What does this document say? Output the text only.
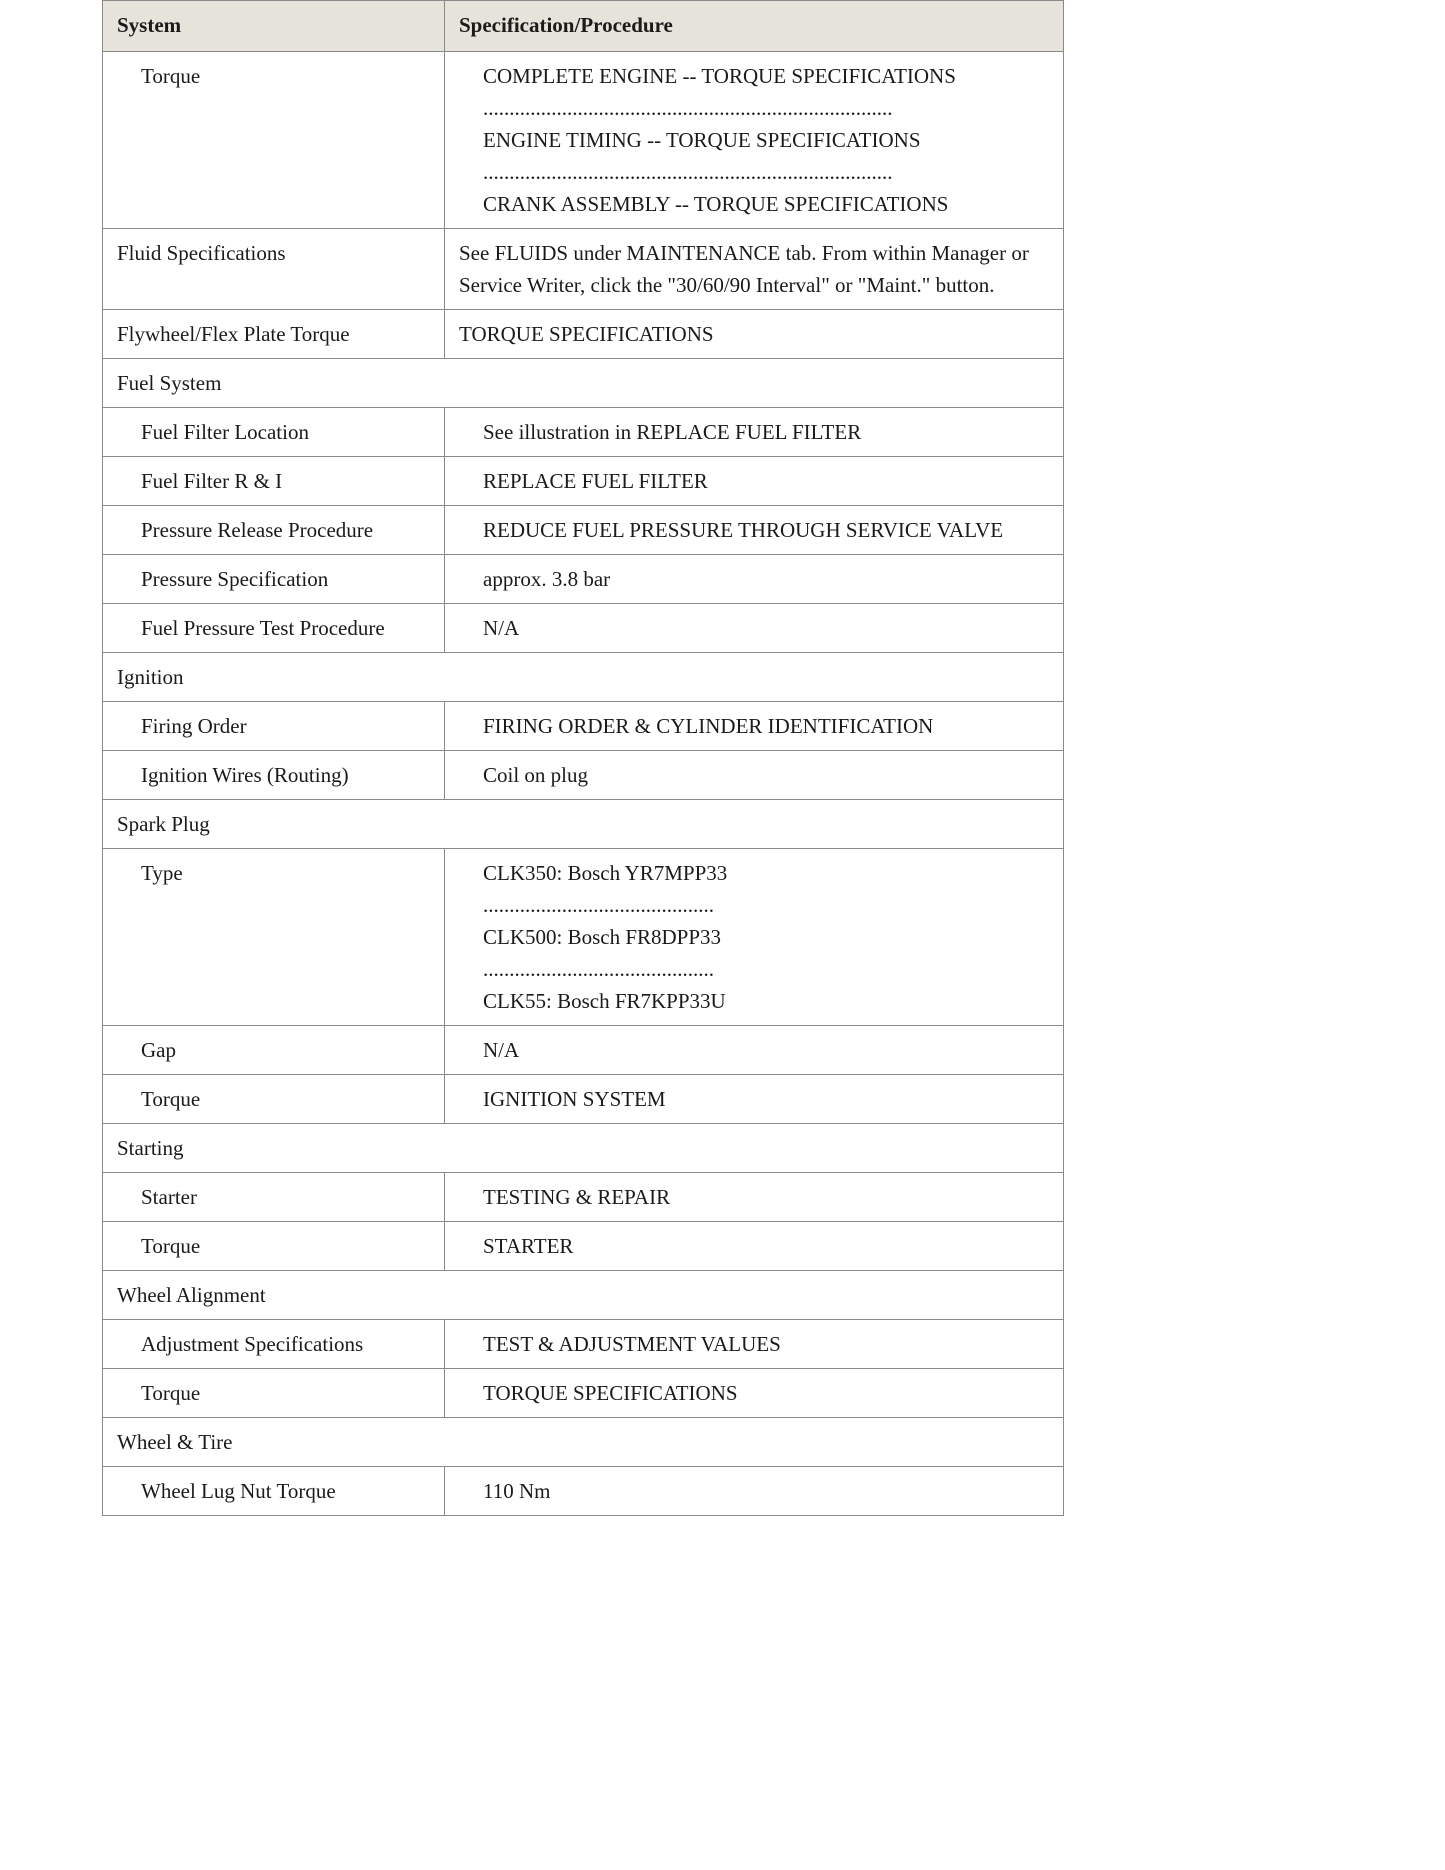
System	Specification/Procedure
Torque	COMPLETE ENGINE -- TORQUE SPECIFICATIONS
..............................................................................
ENGINE TIMING -- TORQUE SPECIFICATIONS
..............................................................................
CRANK ASSEMBLY -- TORQUE SPECIFICATIONS

Fluid Specifications	See FLUIDS under MAINTENANCE tab. From within Manager or Service Writer, click the "30/60/90 Interval" or "Maint." button.
Flywheel/Flex Plate Torque	TORQUE SPECIFICATIONS
Fuel System	
Fuel Filter Location	See illustration in REPLACE FUEL FILTER
Fuel Filter R & I	REPLACE FUEL FILTER
Pressure Release Procedure	REDUCE FUEL PRESSURE THROUGH SERVICE VALVE
Pressure Specification	approx. 3.8 bar
Fuel Pressure Test Procedure	N/A
Ignition	
Firing Order	FIRING ORDER & CYLINDER IDENTIFICATION
Ignition Wires (Routing)	Coil on plug
Spark Plug	
Type	CLK350: Bosch YR7MPP33
............................................
CLK500: Bosch FR8DPP33
............................................
CLK55: Bosch FR7KPP33U

Gap	N/A
Torque	IGNITION SYSTEM
Starting	
Starter	TESTING & REPAIR
Torque	STARTER
Wheel Alignment	
Adjustment Specifications	TEST & ADJUSTMENT VALUES
Torque	TORQUE SPECIFICATIONS
Wheel & Tire	
Wheel Lug Nut Torque	110 Nm
